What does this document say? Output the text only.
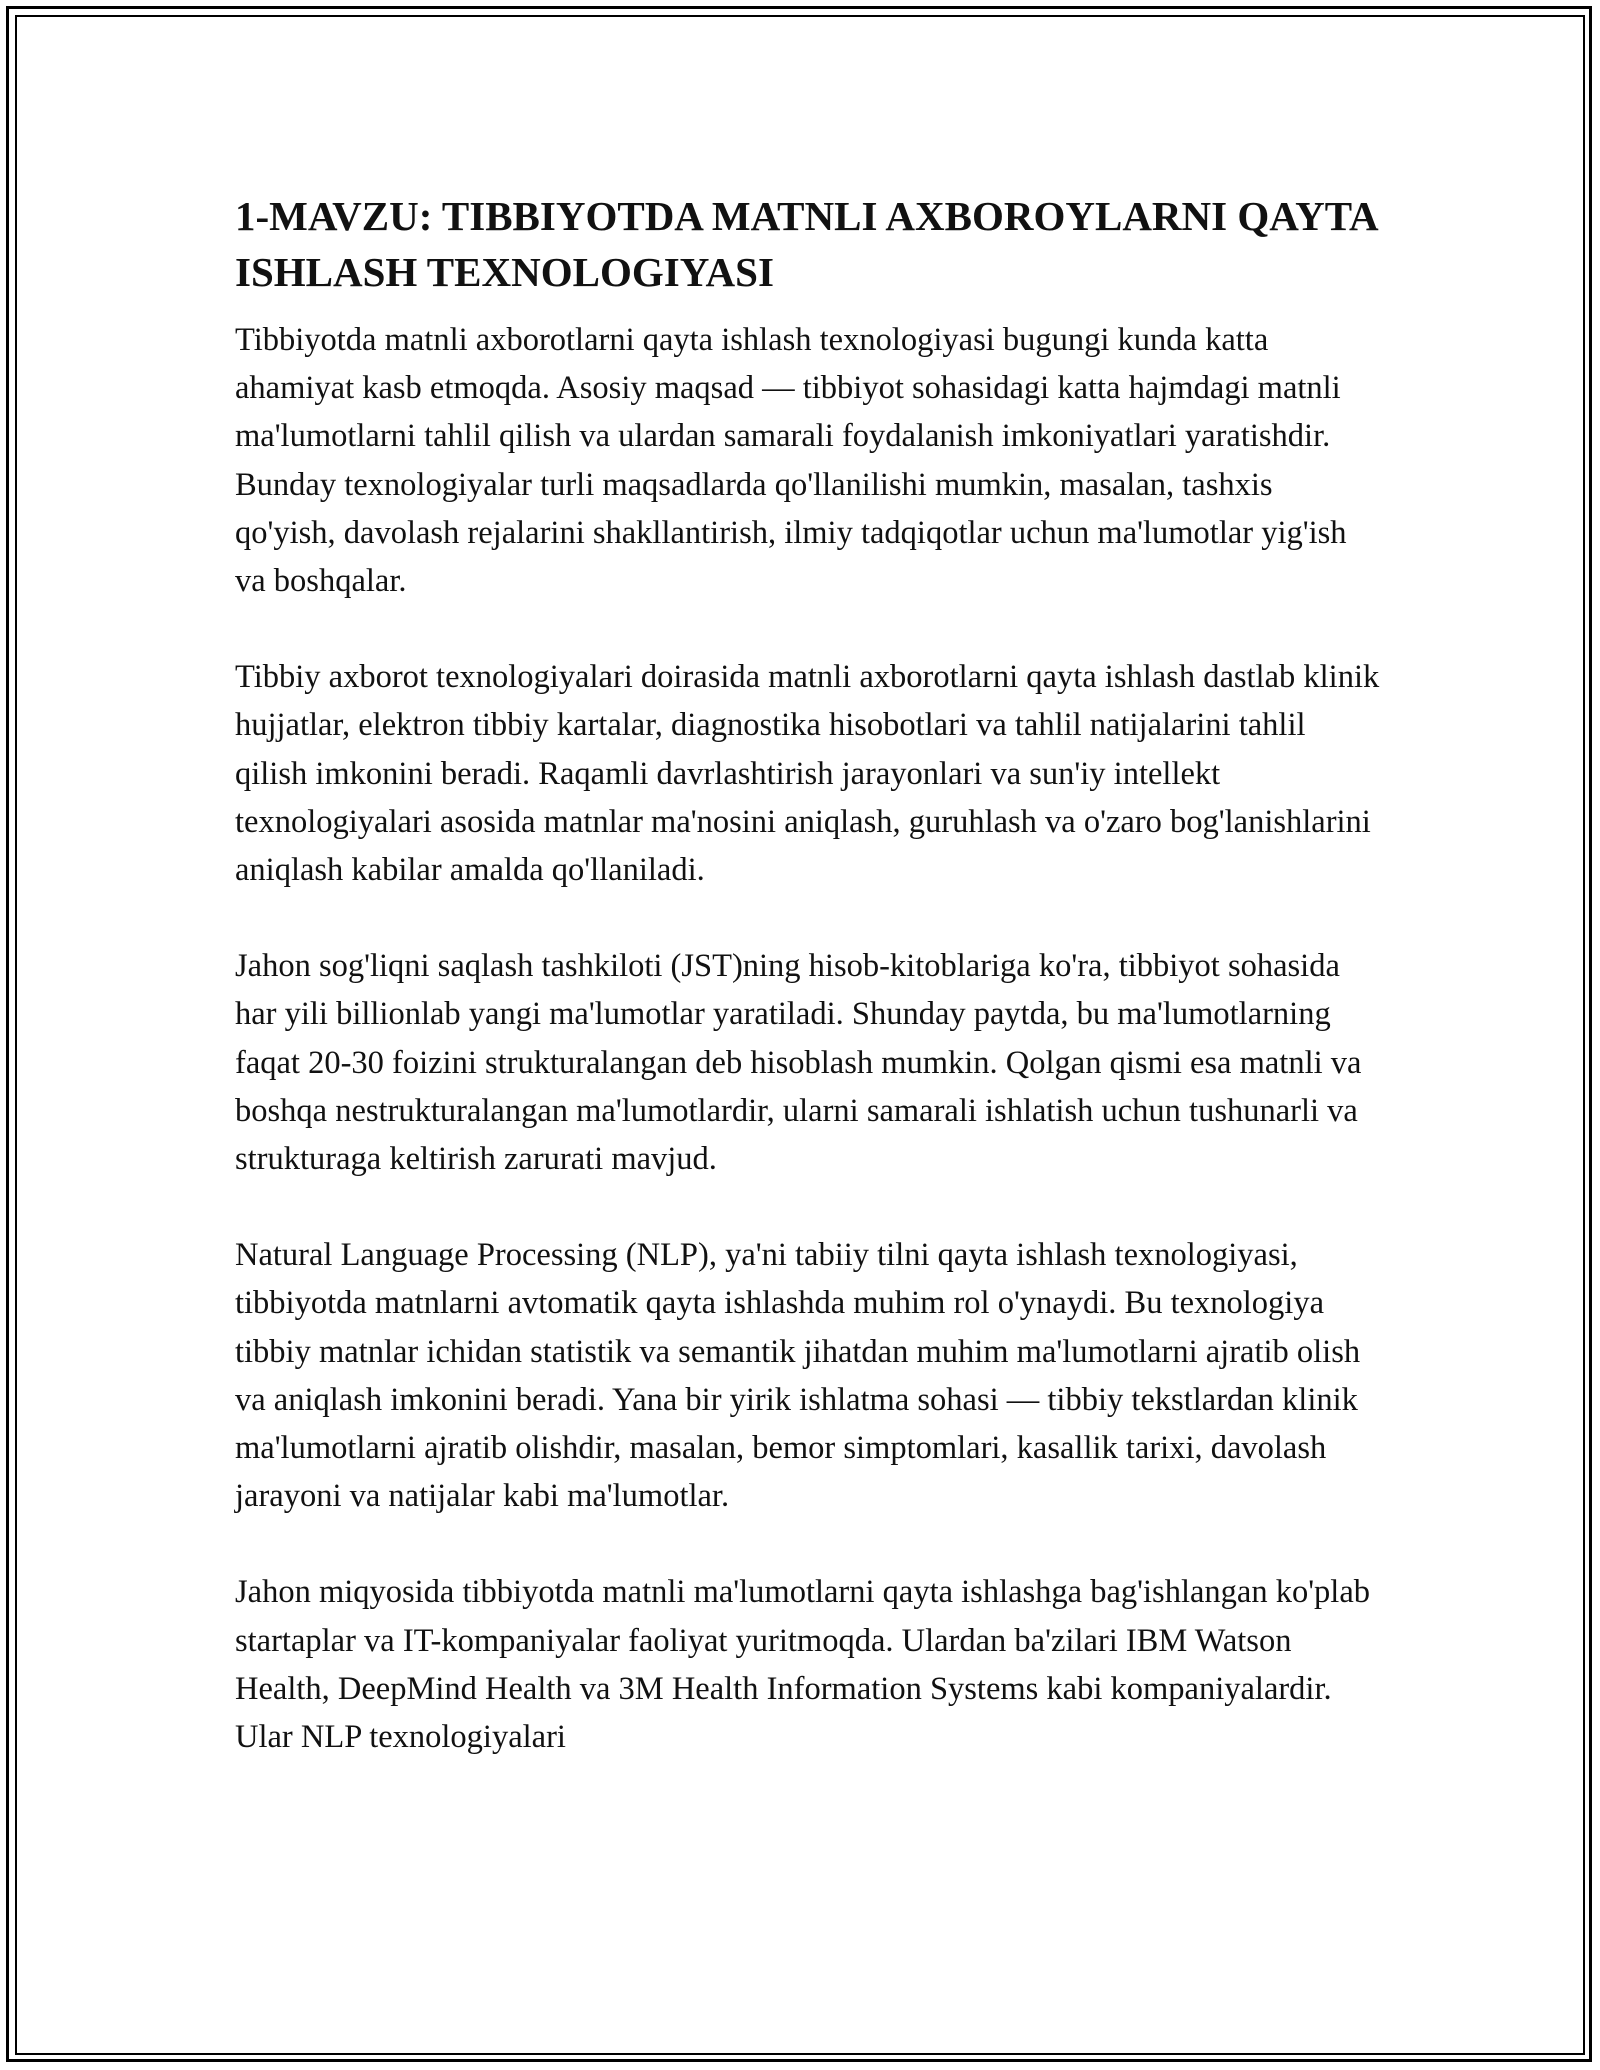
1-MAVZU: TIBBIYOTDA MATNLI AXBOROYLARNI QAYTA ISHLASH TEXNOLOGIYASI

Tibbiyotda matnli axborotlarni qayta ishlash texnologiyasi bugungi kunda katta ahamiyat kasb etmoqda. Asosiy maqsad — tibbiyot sohasidagi katta hajmdagi matnli ma'lumotlarni tahlil qilish va ulardan samarali foydalanish imkoniyatlari yaratishdir. Bunday texnologiyalar turli maqsadlarda qo'llanilishi mumkin, masalan, tashxis qo'yish, davolash rejalarini shakllantirish, ilmiy tadqiqotlar uchun ma'lumotlar yig'ish va boshqalar.

Tibbiy axborot texnologiyalari doirasida matnli axborotlarni qayta ishlash dastlab klinik hujjatlar, elektron tibbiy kartalar, diagnostika hisobotlari va tahlil natijalarini tahlil qilish imkonini beradi. Raqamli davrlashtirish jarayonlari va sun'iy intellekt texnologiyalari asosida matnlar ma'nosini aniqlash, guruhlash va o'zaro bog'lanishlarini aniqlash kabilar amalda qo'llaniladi.

Jahon sog'liqni saqlash tashkiloti (JST)ning hisob-kitoblariga ko'ra, tibbiyot sohasida har yili billionlab yangi ma'lumotlar yaratiladi. Shunday paytda, bu ma'lumotlarning faqat 20-30 foizini strukturalangan deb hisoblash mumkin. Qolgan qismi esa matnli va boshqa nestrukturalangan ma'lumotlardir, ularni samarali ishlatish uchun tushunarli va strukturaga keltirish zarurati mavjud.

Natural Language Processing (NLP), ya'ni tabiiy tilni qayta ishlash texnologiyasi, tibbiyotda matnlarni avtomatik qayta ishlashda muhim rol o'ynaydi. Bu texnologiya tibbiy matnlar ichidan statistik va semantik jihatdan muhim ma'lumotlarni ajratib olish va aniqlash imkonini beradi. Yana bir yirik ishlatma sohasi — tibbiy tekstlardan klinik ma'lumotlarni ajratib olishdir, masalan, bemor simptomlari, kasallik tarixi, davolash jarayoni va natijalar kabi ma'lumotlar.

Jahon miqyosida tibbiyotda matnli ma'lumotlarni qayta ishlashga bag'ishlangan ko'plab startaplar va IT-kompaniyalar faoliyat yuritmoqda. Ulardan ba'zilari IBM Watson Health, DeepMind Health va 3M Health Information Systems kabi kompaniyalardir. Ular NLP texnologiyalari
